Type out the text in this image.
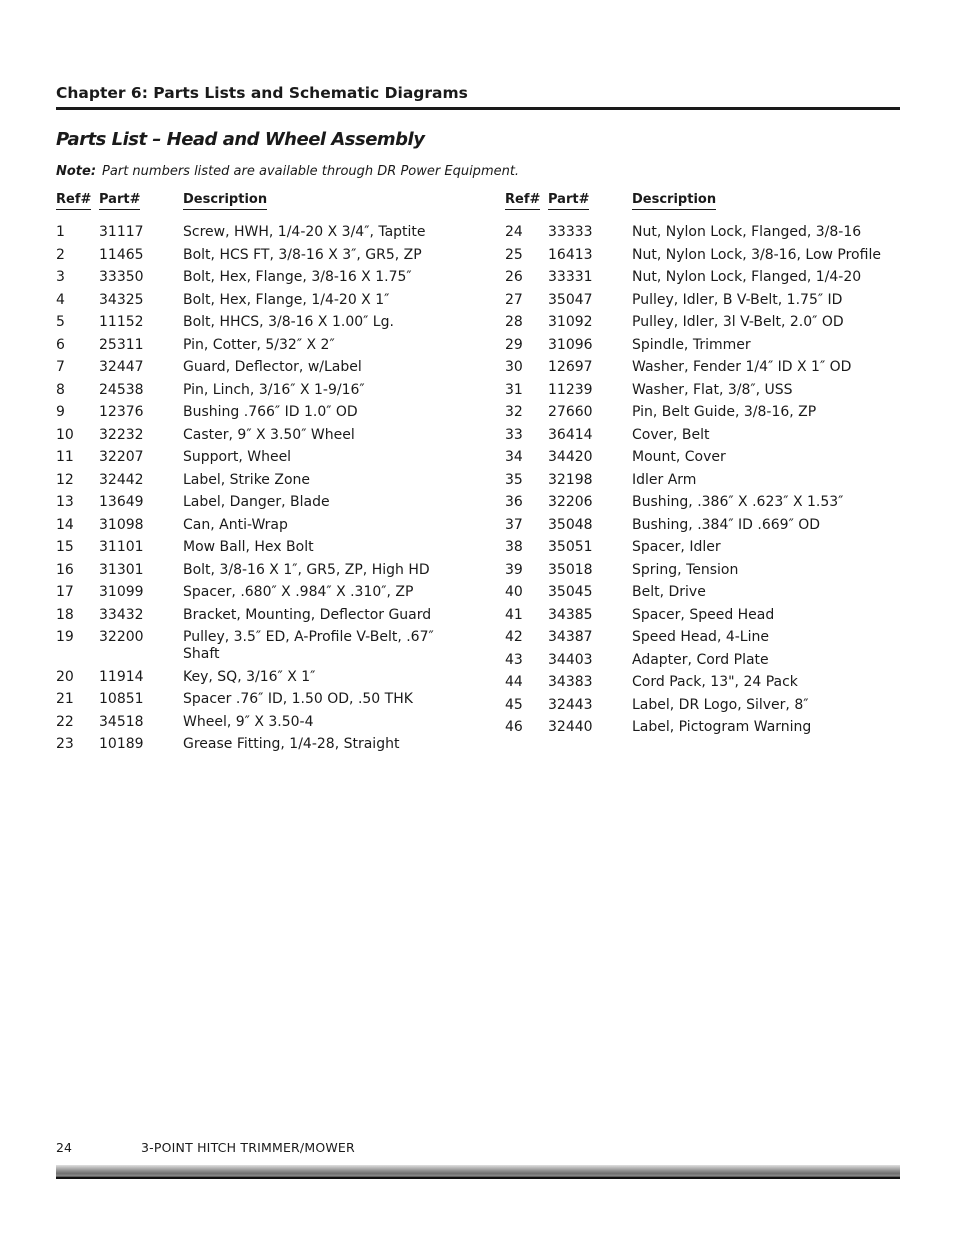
Chapter 6: Parts Lists and Schematic Diagrams
Parts List – Head and Wheel Assembly
Note: Part numbers listed are available through DR Power Equipment.
Ref# Part#	Description
1 31117	Screw, HWH, 1/4-20 X 3/4″, Taptite
2 11465	Bolt, HCS FT, 3/8-16 X 3″, GR5, ZP
3 33350	Bolt, Hex, Flange, 3/8-16 X 1.75″
4 34325	Bolt, Hex, Flange, 1/4-20 X 1″
5 11152	Bolt, HHCS, 3/8-16 X 1.00″ Lg.
6 25311	Pin, Cotter, 5/32″ X 2″
7 32447	Guard, Deflector, w/Label
8 24538	Pin, Linch, 3/16″ X 1-9/16″
9 12376	Bushing .766″ ID 1.0″ OD
10 32232	Caster, 9″ X 3.50″ Wheel
11 32207	Support, Wheel
12 32442	Label, Strike Zone
13 13649	Label, Danger, Blade
14 31098	Can, Anti-Wrap
15 31101	Mow Ball, Hex Bolt
16 31301	Bolt, 3/8-16 X 1″, GR5, ZP, High HD
17 31099	Spacer, .680″ X .984″ X .310″, ZP
18 33432	Bracket, Mounting, Deflector Guard
19 32200	Pulley, 3.5″ ED, A-Profile V-Belt, .67″ Shaft
20 11914	Key, SQ, 3/16″ X 1″
21 10851	Spacer .76″ ID, 1.50 OD, .50 THK
22 34518	Wheel, 9″ X 3.50-4
23 10189	Grease Fitting, 1/4-28, Straight
Ref# Part#	Description
24 33333	Nut, Nylon Lock, Flanged, 3/8-16
25 16413	Nut, Nylon Lock, 3/8-16, Low Profile
26 33331	Nut, Nylon Lock, Flanged, 1/4-20
27 35047	Pulley, Idler, B V-Belt, 1.75″ ID
28 31092	Pulley, Idler, 3l V-Belt, 2.0″ OD
29 31096	Spindle, Trimmer
30 12697	Washer, Fender 1/4″ ID X 1″ OD
31 11239	Washer, Flat, 3/8″, USS
32 27660	Pin, Belt Guide, 3/8-16, ZP
33 36414	Cover, Belt
34 34420	Mount, Cover
35 32198	Idler Arm
36 32206	Bushing, .386″ X .623″ X 1.53″
37 35048	Bushing, .384″ ID .669″ OD
38 35051	Spacer, Idler
39 35018	Spring, Tension
40 35045	Belt, Drive
41 34385	Spacer, Speed Head
42 34387	Speed Head, 4-Line
43 34403	Adapter, Cord Plate
44 34383	Cord Pack, 13", 24 Pack
45 32443	Label, DR Logo, Silver, 8″
46 32440	Label, Pictogram Warning
24	3-POINT HITCH TRIMMER/MOWER
